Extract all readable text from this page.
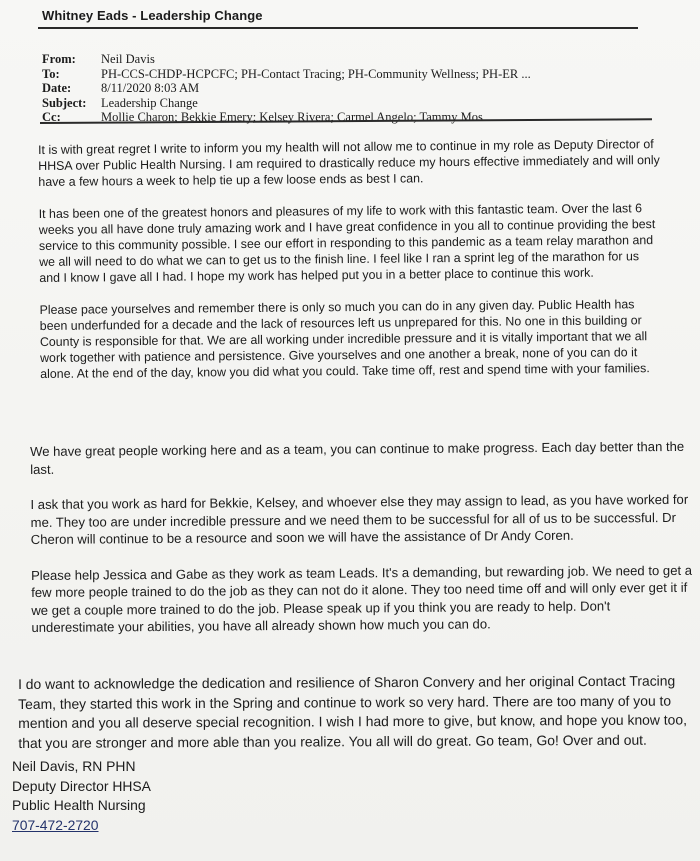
Whitney Eads - Leadership Change
From:	Neil Davis
To:	PH-CCS-CHDP-HCPCFC; PH-Contact Tracing; PH-Community Wellness; PH-ER ...
Date:	8/11/2020 8:03 AM
Subject:	Leadership Change
Cc:	Mollie Charon; Bekkie Emery; Kelsey Rivera; Carmel Angelo; Tammy Mos...

It is with great regret I write to inform you my health will not allow me to continue in my role as Deputy Director of HHSA over Public Health Nursing. I am required to drastically reduce my hours effective immediately and will only have a few hours a week to help tie up a few loose ends as best I can.

It has been one of the greatest honors and pleasures of my life to work with this fantastic team. Over the last 6 weeks you all have done truly amazing work and I have great confidence in you all to continue providing the best service to this community possible. I see our effort in responding to this pandemic as a team relay marathon and we all will need to do what we can to get us to the finish line. I feel like I ran a sprint leg of the marathon for us and I know I gave all I had. I hope my work has helped put you in a better place to continue this work.

Please pace yourselves and remember there is only so much you can do in any given day. Public Health has been underfunded for a decade and the lack of resources left us unprepared for this. No one in this building or County is responsible for that. We are all working under incredible pressure and it is vitally important that we all work together with patience and persistence. Give yourselves and one another a break, none of you can do it alone. At the end of the day, know you did what you could. Take time off, rest and spend time with your families.

We have great people working here and as a team, you can continue to make progress. Each day better than the last.

I ask that you work as hard for Bekkie, Kelsey, and whoever else they may assign to lead, as you have worked for me. They too are under incredible pressure and we need them to be successful for all of us to be successful. Dr Cheron will continue to be a resource and soon we will have the assistance of Dr Andy Coren.

Please help Jessica and Gabe as they work as team Leads. It's a demanding, but rewarding job. We need to get a few more people trained to do the job as they can not do it alone. They too need time off and will only ever get it if we get a couple more trained to do the job. Please speak up if you think you are ready to help. Don't underestimate your abilities, you have all already shown how much you can do.

I do want to acknowledge the dedication and resilience of Sharon Convery and her original Contact Tracing Team, they started this work in the Spring and continue to work so very hard. There are too many of you to mention and you all deserve special recognition. I wish I had more to give, but know, and hope you know too, that you are stronger and more able than you realize. You all will do great. Go team, Go! Over and out.

Neil Davis, RN PHN
Deputy Director HHSA
Public Health Nursing
707-472-2720
